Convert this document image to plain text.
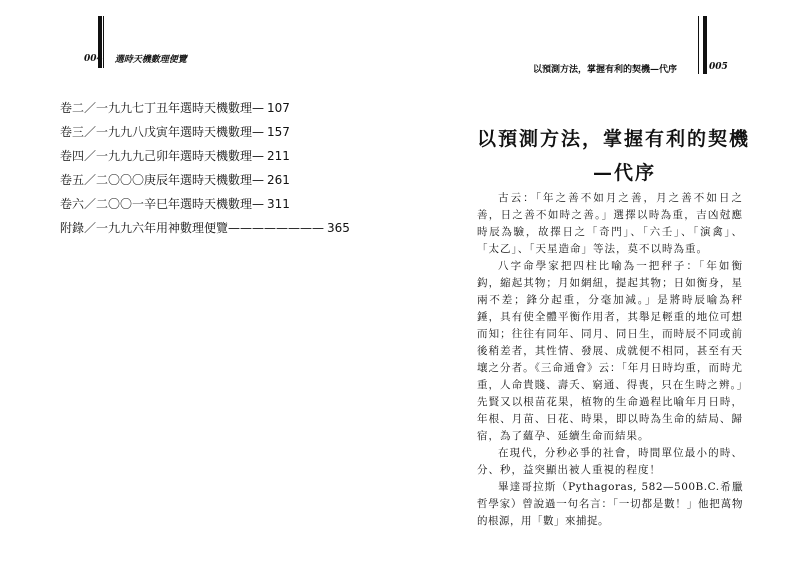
004 選時天機數理便覽
卷二／一九九七丁丑年選時天機數理 — 107
卷三／一九九八戊寅年選時天機數理 — 157
卷四／一九九九己卯年選時天機數理 — 211
卷五／二〇〇〇庚辰年選時天機數理 — 261
卷六／二〇〇一辛巳年選時天機數理 — 311
附錄／一九九六年用神數理便覽 ———————— 365
以預測方法，掌握有利的契機—代序	005
以預測方法，掌握有利的契機
—代序

古云：「年之善不如月之善，月之善不如日之善，日之善不如時之善。」選擇以時為重，吉凶尅應時辰為驗，故擇日之「奇門」、「六壬」、「演禽」、「太乙」、「天星造命」等法，莫不以時為重。

八字命學家把四柱比喻為一把秤子：「年如衡鈎，縮起其物；月如網紐，提起其物；日如衡身，星兩不差；鋒分起重，分毫加減。」是將時辰喻為秤錘，具有使全體平衡作用者，其舉足輕重的地位可想而知；往往有同年、同月、同日生，而時辰不同或前後稍差者，其性情、發展、成就便不相同，甚至有天壤之分者。《三命通會》云：「年月日時均重，而時尤重，人命貴賤、壽夭、窮通、得喪，只在生時之辨。」先賢又以根苗花果，植物的生命過程比喻年月日時，年根、月苗、日花、時果，即以時為生命的結局、歸宿，為了蘊孕、延續生命而結果。

在現代，分秒必爭的社會，時間單位最小的時、分、秒，益突顯出被人重視的程度！

畢達哥拉斯（Pythagoras, 582—500B.C.希臘哲學家）曾說過一句名言：「一切都是數！」他把萬物的根源，用「數」來捕捉。
